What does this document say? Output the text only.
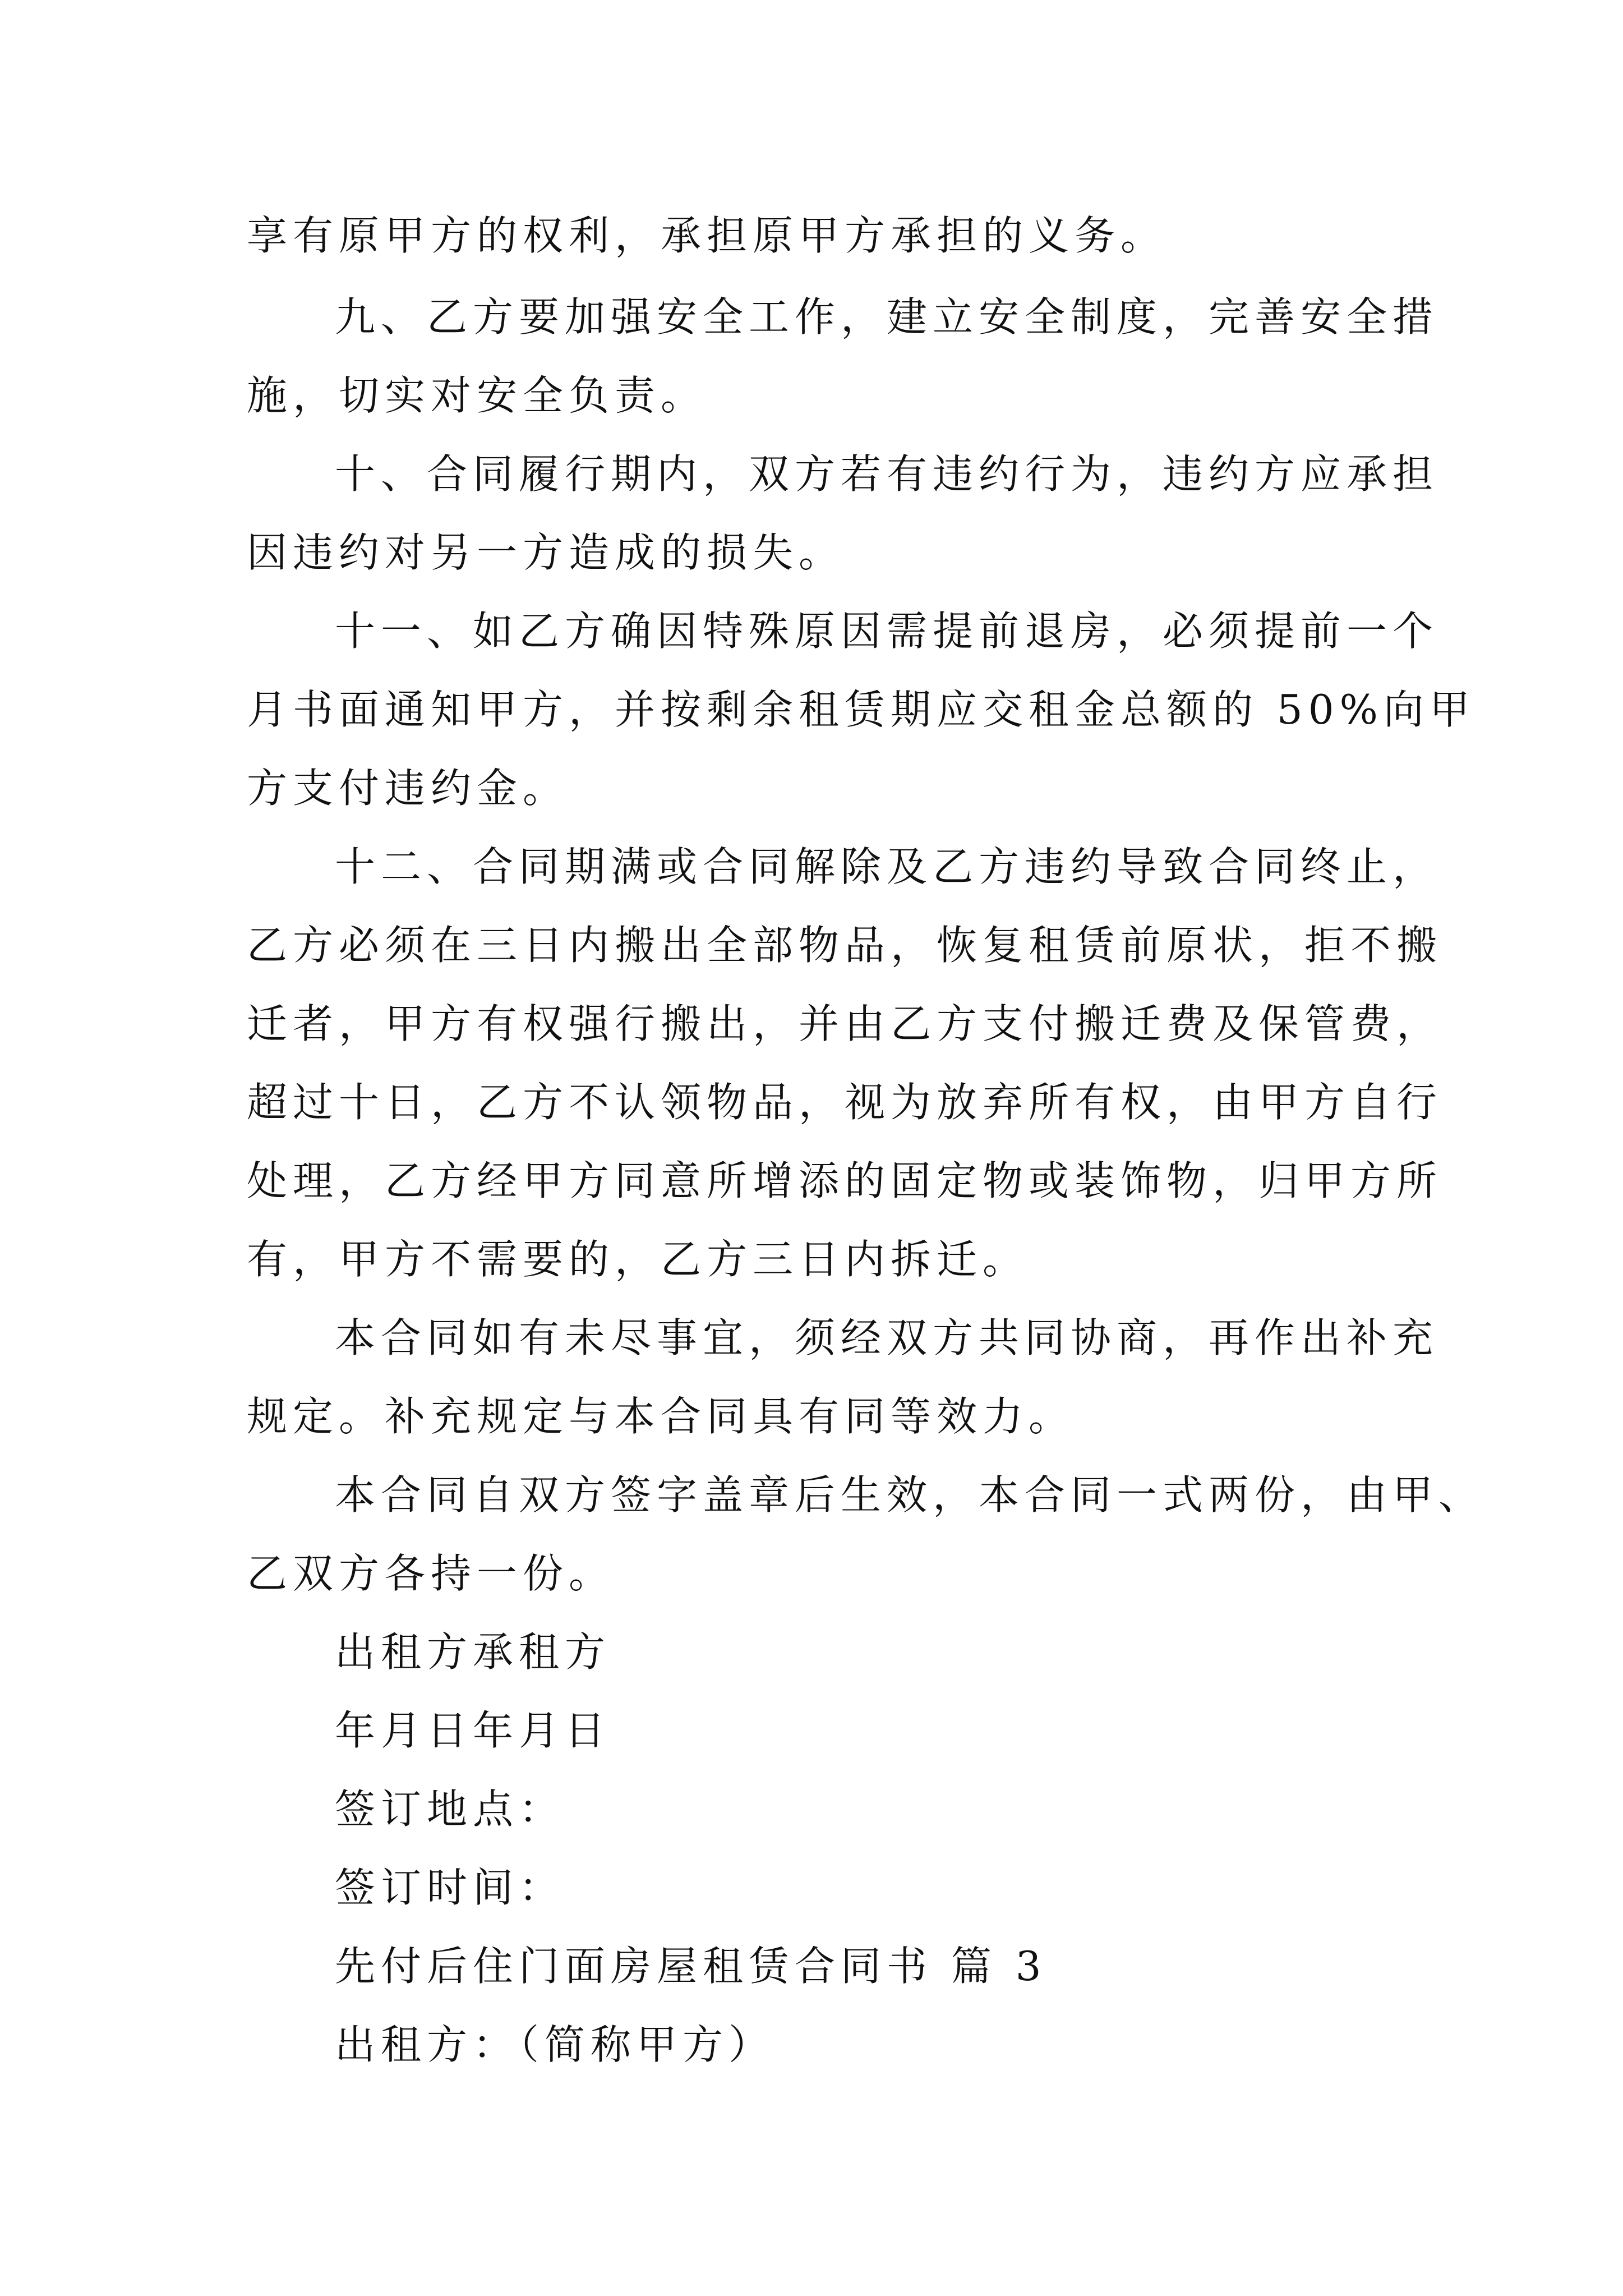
享有原甲方的权利，承担原甲方承担的义务。
九、乙方要加强安全工作，建立安全制度，完善安全措
施，切实对安全负责。
十、合同履行期内，双方若有违约行为，违约方应承担
因违约对另一方造成的损失。
十一、如乙方确因特殊原因需提前退房，必须提前一个
月书面通知甲方，并按剩余租赁期应交租金总额的 50%向甲
方支付违约金。
十二、合同期满或合同解除及乙方违约导致合同终止，
乙方必须在三日内搬出全部物品，恢复租赁前原状，拒不搬
迁者，甲方有权强行搬出，并由乙方支付搬迁费及保管费，
超过十日，乙方不认领物品，视为放弃所有权，由甲方自行
处理，乙方经甲方同意所增添的固定物或装饰物，归甲方所
有，甲方不需要的，乙方三日内拆迁。
本合同如有未尽事宜，须经双方共同协商，再作出补充
规定。补充规定与本合同具有同等效力。
本合同自双方签字盖章后生效，本合同一式两份，由甲、
乙双方各持一份。
出租方承租方
年月日年月日
签订地点：
签订时间：
先付后住门面房屋租赁合同书 篇 3
出租方：（简称甲方）
